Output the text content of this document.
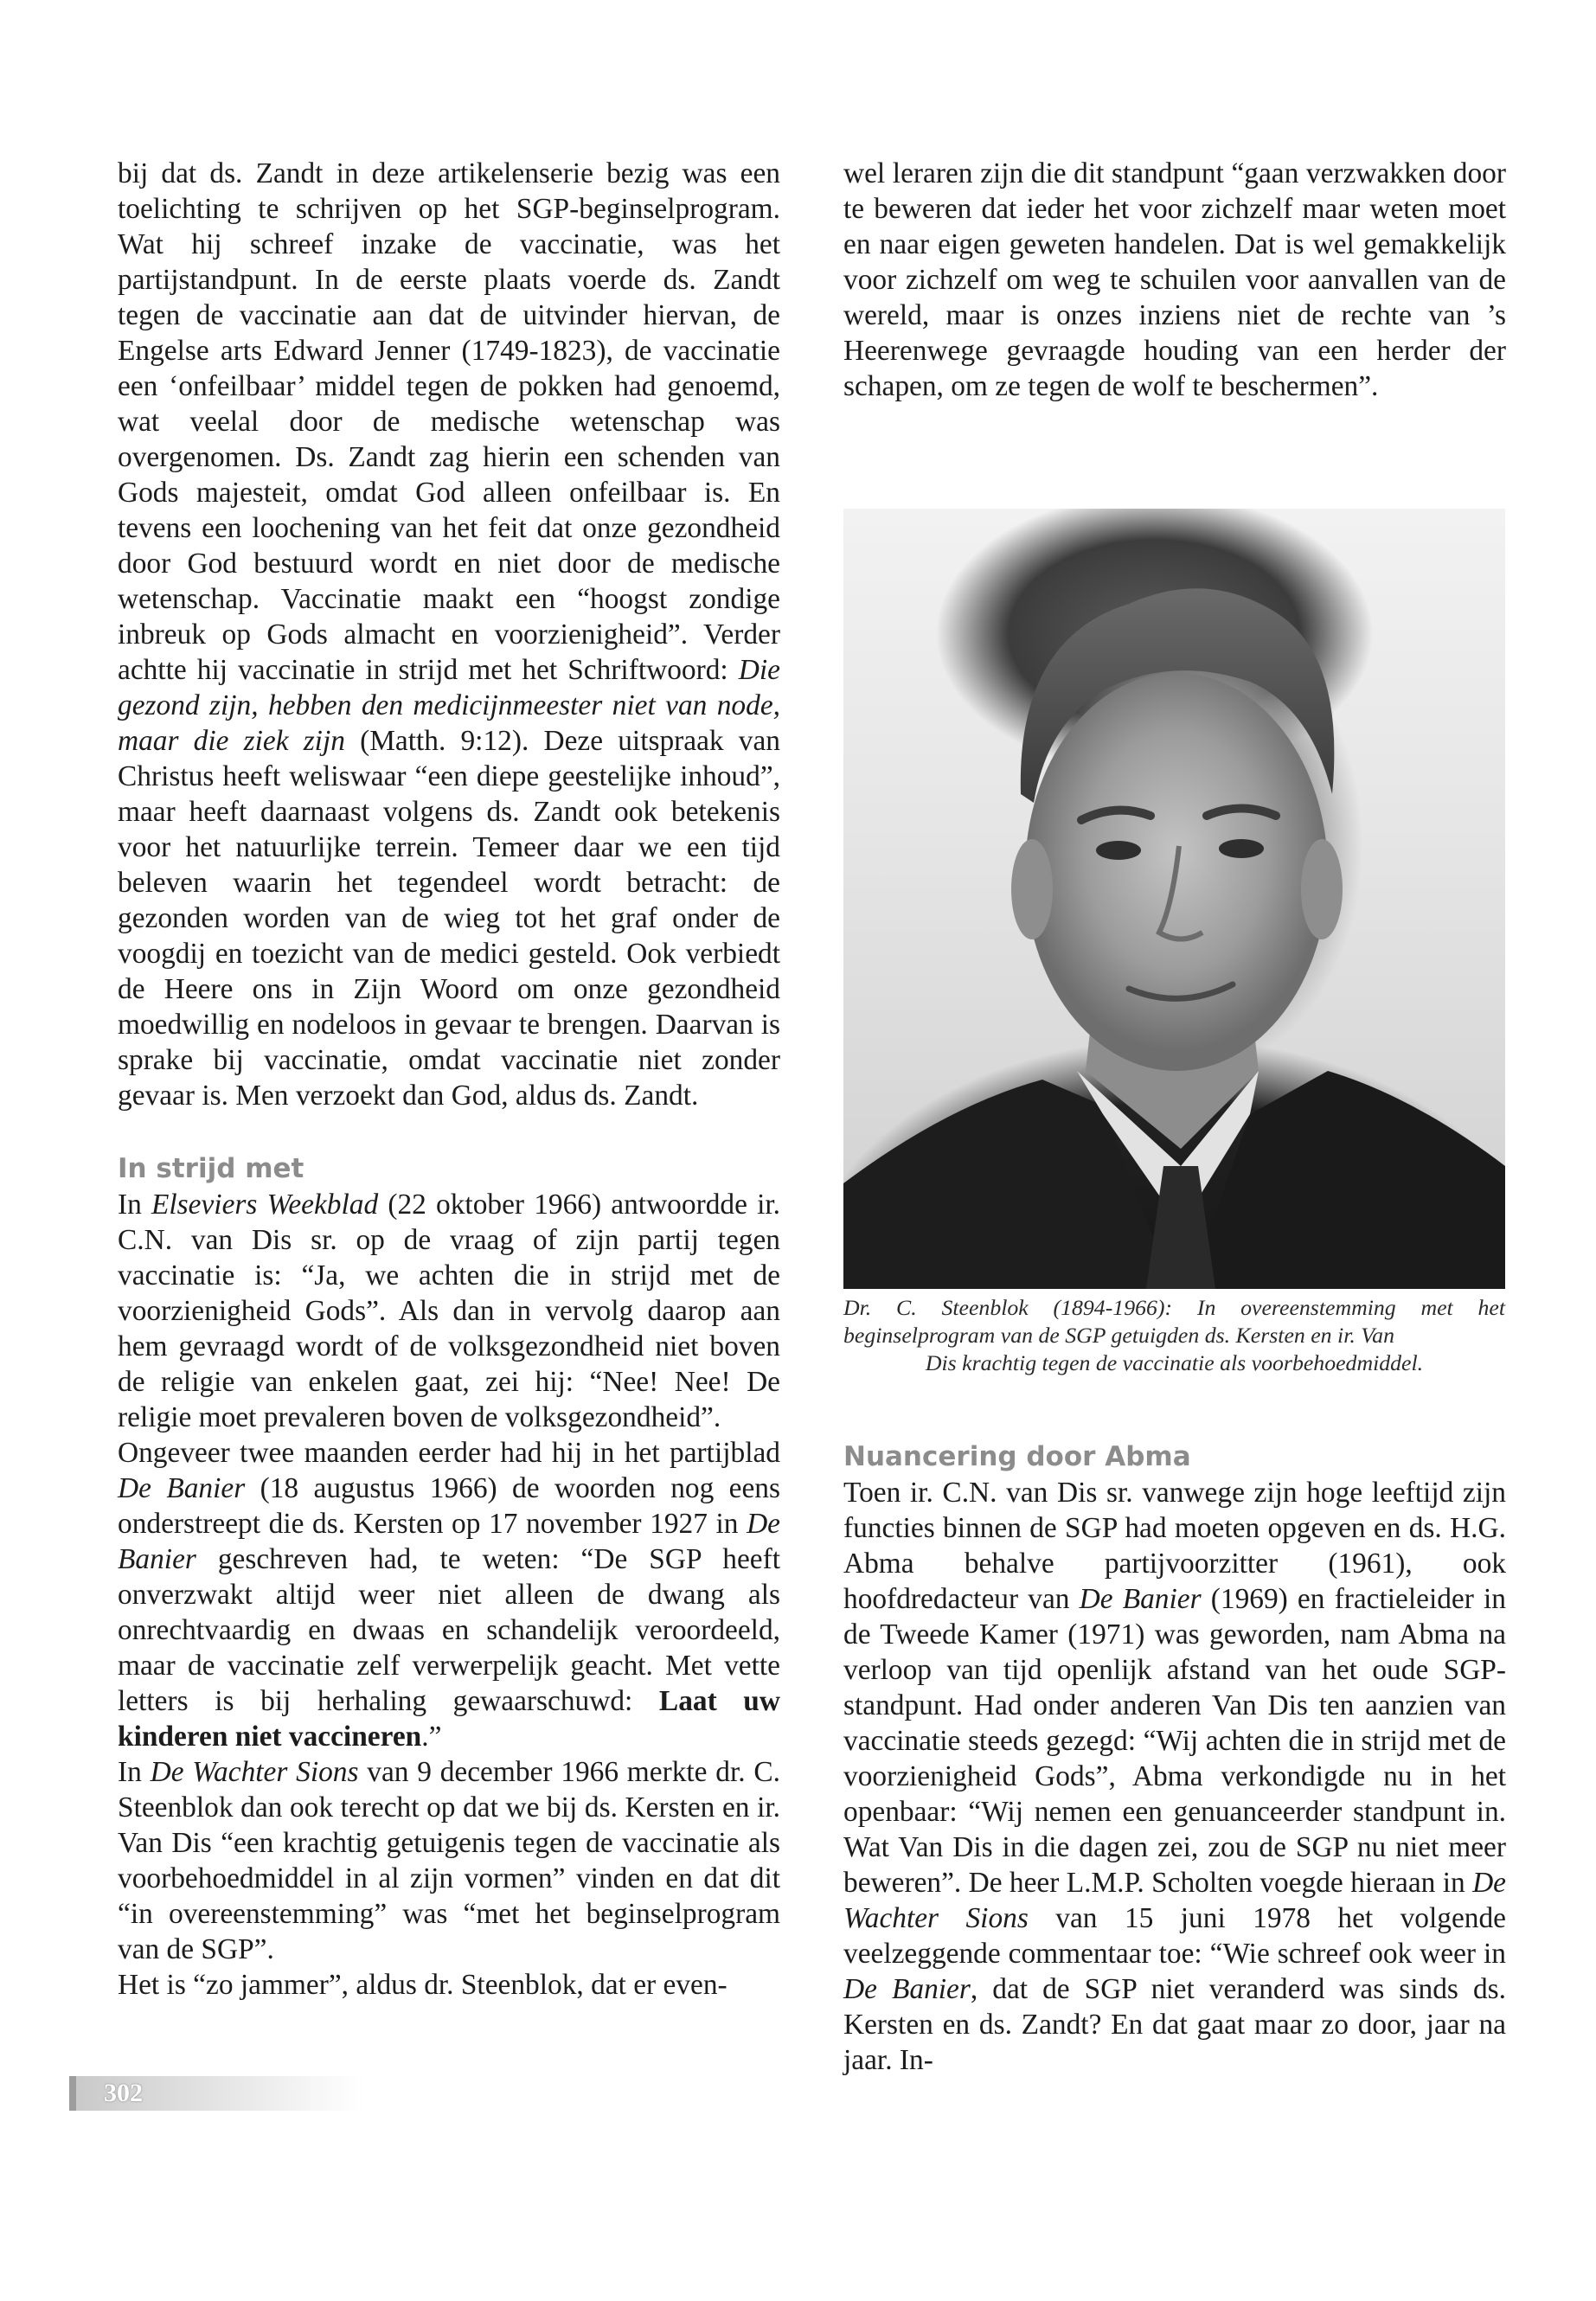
bij dat ds. Zandt in deze artikelenserie bezig was een toelichting te schrijven op het SGP-beginselprogram. Wat hij schreef inzake de vaccinatie, was het partijstandpunt. In de eerste plaats voerde ds. Zandt tegen de vaccinatie aan dat de uitvinder hiervan, de Engelse arts Edward Jenner (1749-1823), de vaccinatie een ‘onfeilbaar’ middel tegen de pokken had genoemd, wat veelal door de medische wetenschap was overgenomen. Ds. Zandt zag hierin een schenden van Gods majesteit, omdat God alleen onfeilbaar is. En tevens een loochening van het feit dat onze gezondheid door God bestuurd wordt en niet door de medische wetenschap. Vaccinatie maakt een “hoogst zondige inbreuk op Gods almacht en voorzienigheid”. Verder achtte hij vaccinatie in strijd met het Schriftwoord: Die gezond zijn, hebben den medicijnmeester niet van node, maar die ziek zijn (Matth. 9:12). Deze uitspraak van Christus heeft weliswaar “een diepe geestelijke inhoud”, maar heeft daarnaast volgens ds. Zandt ook betekenis voor het natuurlijke terrein. Temeer daar we een tijd beleven waarin het tegendeel wordt betracht: de gezonden worden van de wieg tot het graf onder de voogdij en toezicht van de medici gesteld. Ook verbiedt de Heere ons in Zijn Woord om onze gezondheid moedwillig en nodeloos in gevaar te brengen. Daarvan is sprake bij vaccinatie, omdat vaccinatie niet zonder gevaar is. Men verzoekt dan God, aldus ds. Zandt.

In strijd met

In Elseviers Weekblad (22 oktober 1966) antwoordde ir. C.N. van Dis sr. op de vraag of zijn partij tegen vaccinatie is: “Ja, we achten die in strijd met de voorzienigheid Gods”. Als dan in vervolg daarop aan hem gevraagd wordt of de volksgezondheid niet boven de religie van enkelen gaat, zei hij: “Nee! Nee! De religie moet prevaleren boven de volksgezondheid”.

Ongeveer twee maanden eerder had hij in het partijblad De Banier (18 augustus 1966) de woorden nog eens onderstreept die ds. Kersten op 17 november 1927 in De Banier geschreven had, te weten: “De SGP heeft onverzwakt altijd weer niet alleen de dwang als onrechtvaardig en dwaas en schandelijk veroordeeld, maar de vaccinatie zelf verwerpelijk geacht. Met vette letters is bij herhaling gewaarschuwd: Laat uw kinderen niet vaccineren.”

In De Wachter Sions van 9 december 1966 merkte dr. C. Steenblok dan ook terecht op dat we bij ds. Kersten en ir. Van Dis “een krachtig getuigenis tegen de vaccinatie als voorbehoedmiddel in al zijn vormen” vinden en dat dit “in overeenstemming” was “met het beginselprogram van de SGP”.

Het is “zo jammer”, aldus dr. Steenblok, dat er even-

wel leraren zijn die dit standpunt “gaan verzwakken door te beweren dat ieder het voor zichzelf maar weten moet en naar eigen geweten handelen. Dat is wel gemakkelijk voor zichzelf om weg te schuilen voor aanvallen van de wereld, maar is onzes inziens niet de rechte van ’s Heerenwege gevraagde houding van een herder der schapen, om ze tegen de wolf te beschermen”.

Dr. C. Steenblok (1894-1966): In overeenstemming met het beginselprogram van de SGP getuigden ds. Kersten en ir. Van
Dis krachtig tegen de vaccinatie als voorbehoedmiddel.
Nuancering door Abma

Toen ir. C.N. van Dis sr. vanwege zijn hoge leeftijd zijn functies binnen de SGP had moeten opgeven en ds. H.G. Abma behalve partijvoorzitter (1961), ook hoofdredacteur van De Banier (1969) en fractieleider in de Tweede Kamer (1971) was geworden, nam Abma na verloop van tijd openlijk afstand van het oude SGP-standpunt. Had onder anderen Van Dis ten aanzien van vaccinatie steeds gezegd: “Wij achten die in strijd met de voorzienigheid Gods”, Abma verkondigde nu in het openbaar: “Wij nemen een genuanceerder standpunt in. Wat Van Dis in die dagen zei, zou de SGP nu niet meer beweren”. De heer L.M.P. Scholten voegde hieraan in De Wachter Sions van 15 juni 1978 het volgende veelzeggende commentaar toe: “Wie schreef ook weer in De Banier, dat de SGP niet veranderd was sinds ds. Kersten en ds. Zandt? En dat gaat maar zo door, jaar na jaar. In-

302
